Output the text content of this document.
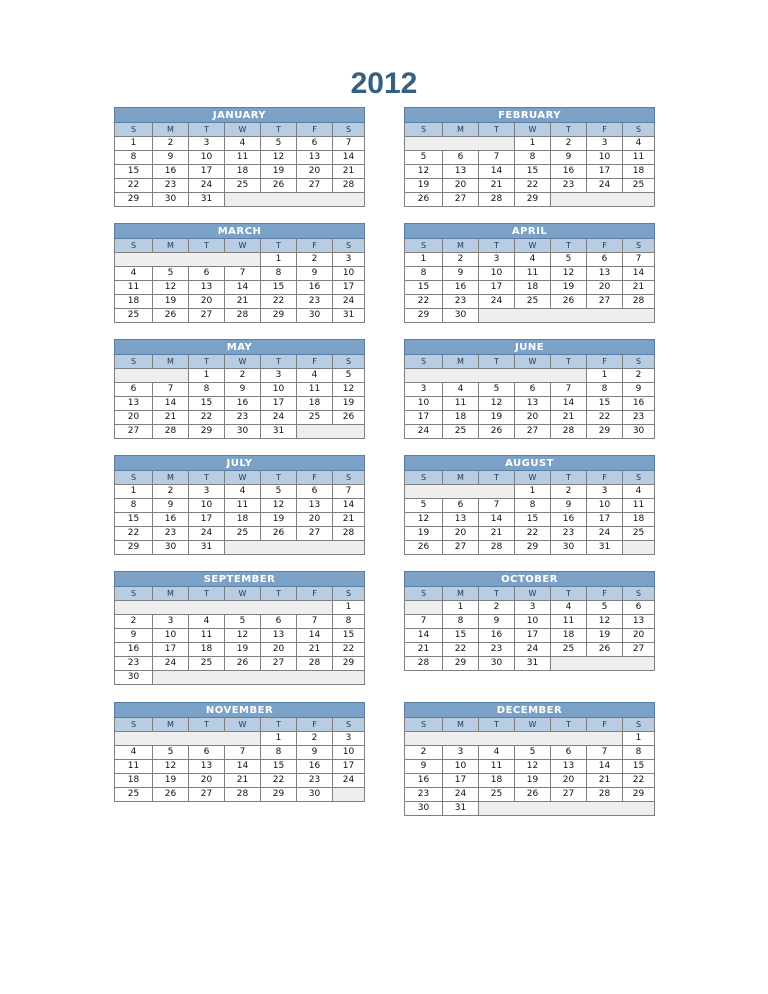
2012
JANUARY						
S	M	T	W	T	F	S
1	2	3	4	5	6	7
8	9	10	11	12	13	14
15	16	17	18	19	20	21
22	23	24	25	26	27	28
29	30	31				
FEBRUARY						
S	M	T	W	T	F	S
			1	2	3	4
5	6	7	8	9	10	11
12	13	14	15	16	17	18
19	20	21	22	23	24	25
26	27	28	29			
MARCH						
S	M	T	W	T	F	S
				1	2	3
4	5	6	7	8	9	10
11	12	13	14	15	16	17
18	19	20	21	22	23	24
25	26	27	28	29	30	31
APRIL						
S	M	T	W	T	F	S
1	2	3	4	5	6	7
8	9	10	11	12	13	14
15	16	17	18	19	20	21
22	23	24	25	26	27	28
29	30					
MAY						
S	M	T	W	T	F	S
		1	2	3	4	5
6	7	8	9	10	11	12
13	14	15	16	17	18	19
20	21	22	23	24	25	26
27	28	29	30	31		
JUNE						
S	M	T	W	T	F	S
					1	2
3	4	5	6	7	8	9
10	11	12	13	14	15	16
17	18	19	20	21	22	23
24	25	26	27	28	29	30
JULY						
S	M	T	W	T	F	S
1	2	3	4	5	6	7
8	9	10	11	12	13	14
15	16	17	18	19	20	21
22	23	24	25	26	27	28
29	30	31				
AUGUST						
S	M	T	W	T	F	S
			1	2	3	4
5	6	7	8	9	10	11
12	13	14	15	16	17	18
19	20	21	22	23	24	25
26	27	28	29	30	31	
SEPTEMBER						
S	M	T	W	T	F	S
						1
2	3	4	5	6	7	8
9	10	11	12	13	14	15
16	17	18	19	20	21	22
23	24	25	26	27	28	29
30						
OCTOBER						
S	M	T	W	T	F	S
	1	2	3	4	5	6
7	8	9	10	11	12	13
14	15	16	17	18	19	20
21	22	23	24	25	26	27
28	29	30	31			
NOVEMBER						
S	M	T	W	T	F	S
				1	2	3
4	5	6	7	8	9	10
11	12	13	14	15	16	17
18	19	20	21	22	23	24
25	26	27	28	29	30	
DECEMBER						
S	M	T	W	T	F	S
						1
2	3	4	5	6	7	8
9	10	11	12	13	14	15
16	17	18	19	20	21	22
23	24	25	26	27	28	29
30	31					
